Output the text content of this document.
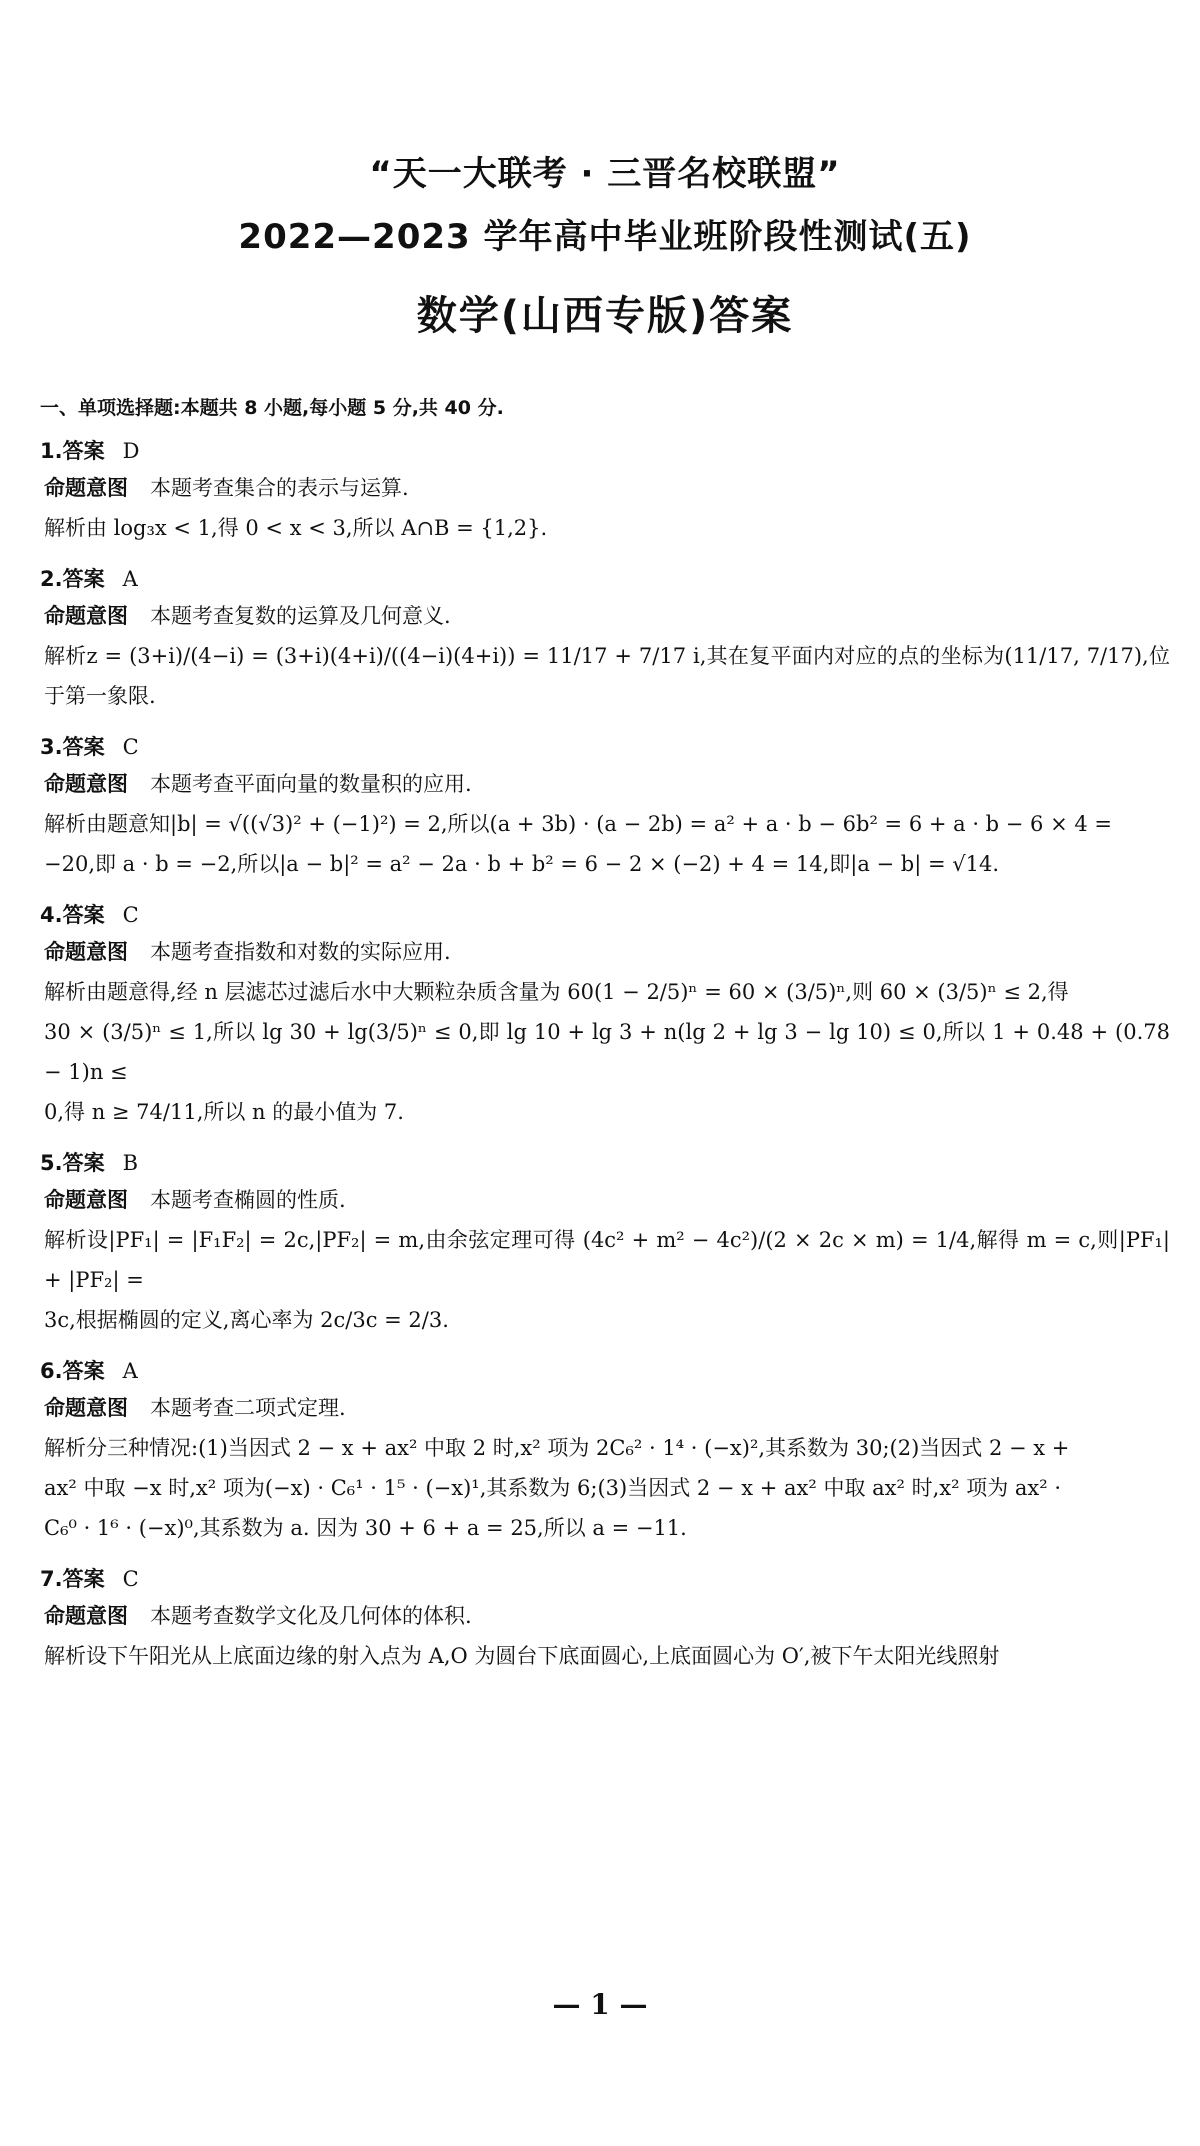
“天一大联考 · 三晋名校联盟”
2022—2023 学年高中毕业班阶段性测试(五)
数学(山西专版)答案
一、单项选择题:本题共 8 小题,每小题 5 分,共 40 分.
1.答案 D
命题意图 本题考查集合的表示与运算.
解析由 log₃x < 1,得 0 < x < 3,所以 A∩B = {1,2}.
2.答案 A
命题意图 本题考查复数的运算及几何意义.
解析z = (3+i)/(4−i) = (3+i)(4+i)/((4−i)(4+i)) = 11/17 + 7/17 i,其在复平面内对应的点的坐标为(11/17, 7/17),位于第一象限.
3.答案 C
命题意图 本题考查平面向量的数量积的应用.
解析由题意知|b| = √((√3)² + (−1)²) = 2,所以(a + 3b) · (a − 2b) = a² + a · b − 6b² = 6 + a · b − 6 × 4 =
−20,即 a · b = −2,所以|a − b|² = a² − 2a · b + b² = 6 − 2 × (−2) + 4 = 14,即|a − b| = √14.
4.答案 C
命题意图 本题考查指数和对数的实际应用.
解析由题意得,经 n 层滤芯过滤后水中大颗粒杂质含量为 60(1 − 2/5)ⁿ = 60 × (3/5)ⁿ,则 60 × (3/5)ⁿ ≤ 2,得
30 × (3/5)ⁿ ≤ 1,所以 lg 30 + lg(3/5)ⁿ ≤ 0,即 lg 10 + lg 3 + n(lg 2 + lg 3 − lg 10) ≤ 0,所以 1 + 0.48 + (0.78 − 1)n ≤
0,得 n ≥ 74/11,所以 n 的最小值为 7.
5.答案 B
命题意图 本题考查椭圆的性质.
解析设|PF₁| = |F₁F₂| = 2c,|PF₂| = m,由余弦定理可得 (4c² + m² − 4c²)/(2 × 2c × m) = 1/4,解得 m = c,则|PF₁| + |PF₂| =
3c,根据椭圆的定义,离心率为 2c/3c = 2/3.
6.答案 A
命题意图 本题考查二项式定理.
解析分三种情况:(1)当因式 2 − x + ax² 中取 2 时,x² 项为 2C₆² · 1⁴ · (−x)²,其系数为 30;(2)当因式 2 − x +
ax² 中取 −x 时,x² 项为(−x) · C₆¹ · 1⁵ · (−x)¹,其系数为 6;(3)当因式 2 − x + ax² 中取 ax² 时,x² 项为 ax² ·
C₆⁰ · 1⁶ · (−x)⁰,其系数为 a. 因为 30 + 6 + a = 25,所以 a = −11.
7.答案 C
命题意图 本题考查数学文化及几何体的体积.
解析设下午阳光从上底面边缘的射入点为 A,O 为圆台下底面圆心,上底面圆心为 O′,被下午太阳光线照射
— 1 —
